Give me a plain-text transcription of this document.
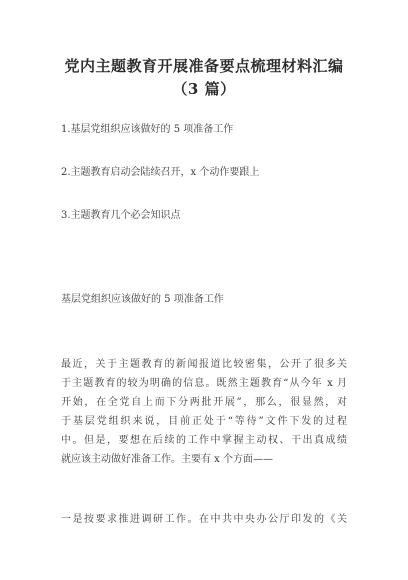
党内主题教育开展准备要点梳理材料汇编
（3 篇）
1.基层党组织应该做好的 5 项准备工作
2.主题教育启动会陆续召开，x 个动作要跟上
3.主题教育几个必会知识点
基层党组织应该做好的 5 项准备工作
最近，关于主题教育的新闻报道比较密集，公开了很多关
于主题教育的较为明确的信息。既然主题教育“从今年 x 月
开始，在全党自上而下分两批开展”，那么，很显然，对
于基层党组织来说，目前正处于“等待”文件下发的过程
中。但是，要想在后续的工作中掌握主动权、干出真成绩
就应该主动做好准备工作。主要有 x 个方面——
一是按要求推进调研工作。在中共中央办公厅印发的《关
